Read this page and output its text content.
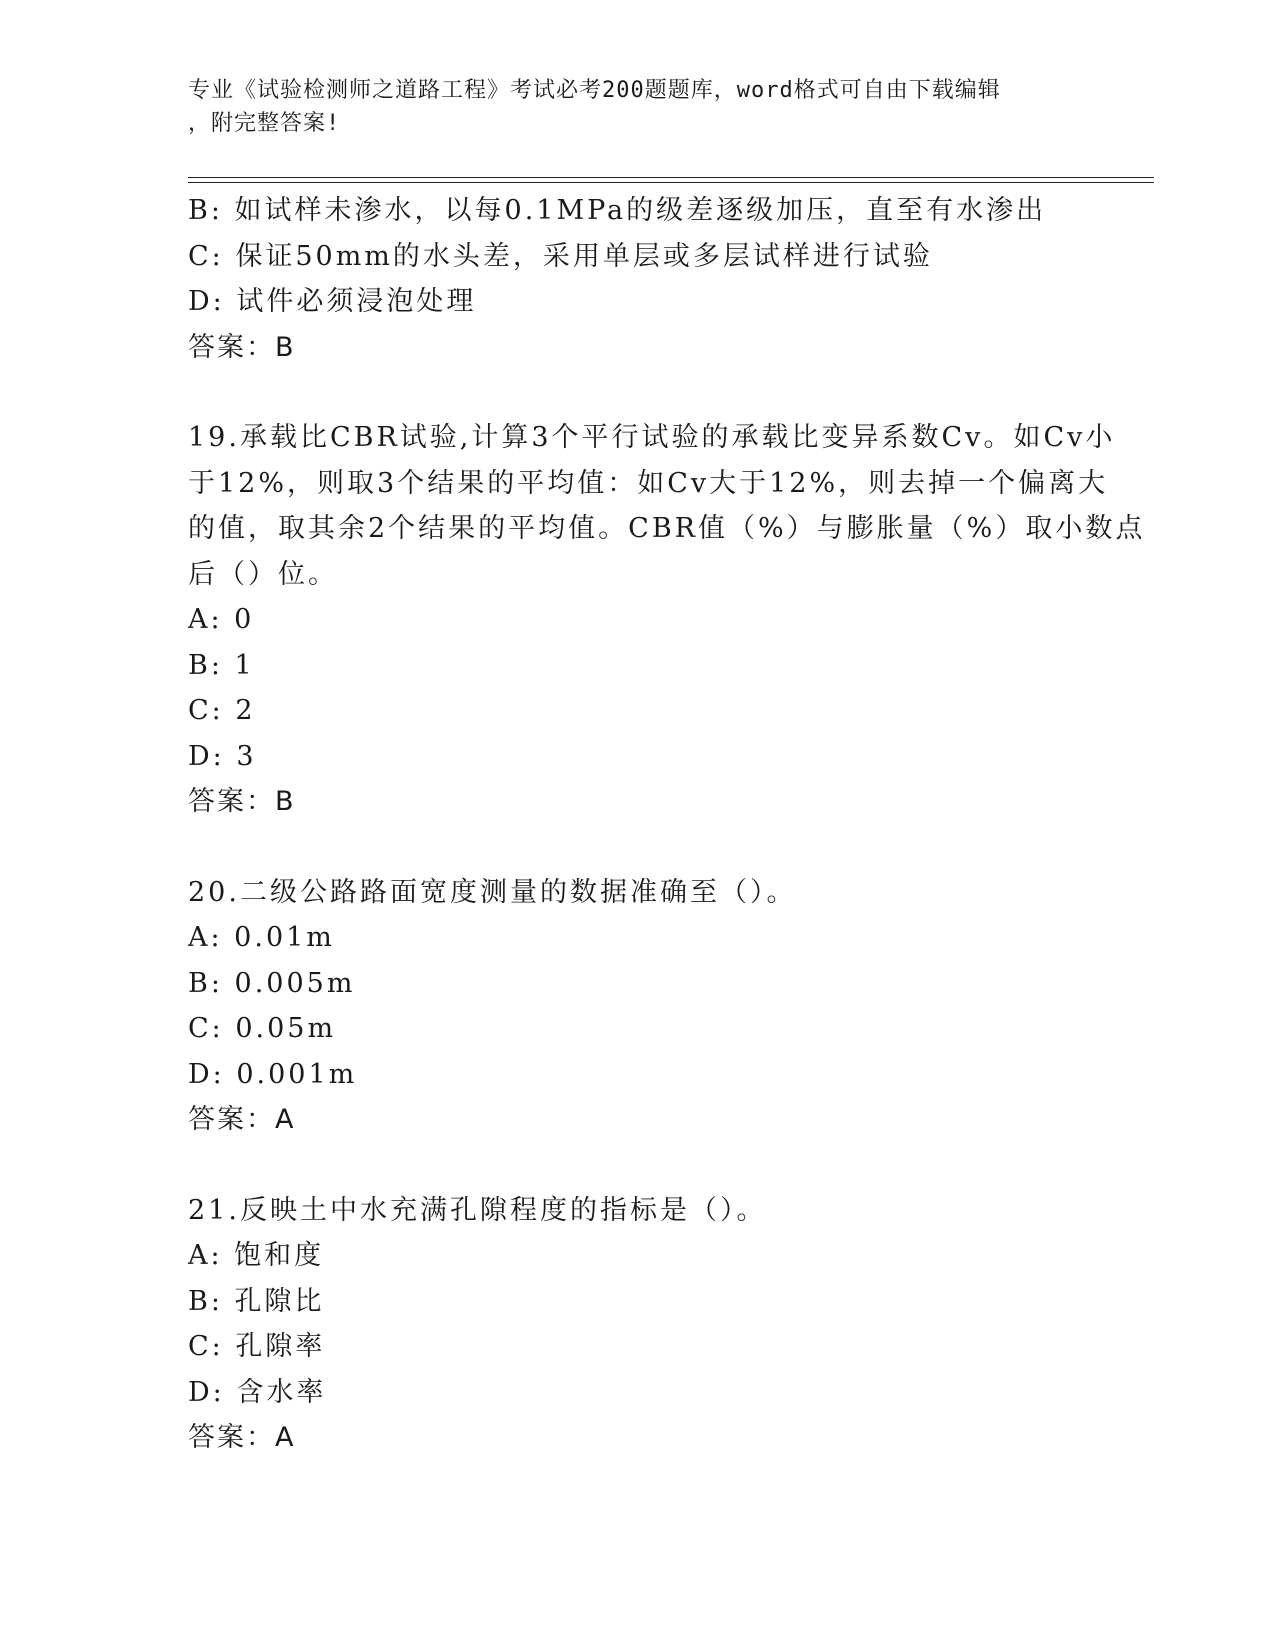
专业《试验检测师之道路工程》考试必考200题题库，word格式可自由下载编辑
，附完整答案!
B: 如试样未渗水，以每0.1MPa的级差逐级加压，直至有水渗出
C: 保证50mm的水头差，采用单层或多层试样进行试验
D: 试件必须浸泡处理
答案：B
19.承载比CBR试验,计算3个平行试验的承载比变异系数Cv。如Cv小
于12%，则取3个结果的平均值：如Cv大于12%，则去掉一个偏离大
的值，取其余2个结果的平均值。CBR值（%）与膨胀量（%）取小数点
后（）位。
A: 0
B: 1
C: 2
D: 3
答案：B
20.二级公路路面宽度测量的数据准确至（）。
A: 0.01m
B: 0.005m
C: 0.05m
D: 0.001m
答案：A
21.反映土中水充满孔隙程度的指标是（）。
A: 饱和度
B: 孔隙比
C: 孔隙率
D: 含水率
答案：A
